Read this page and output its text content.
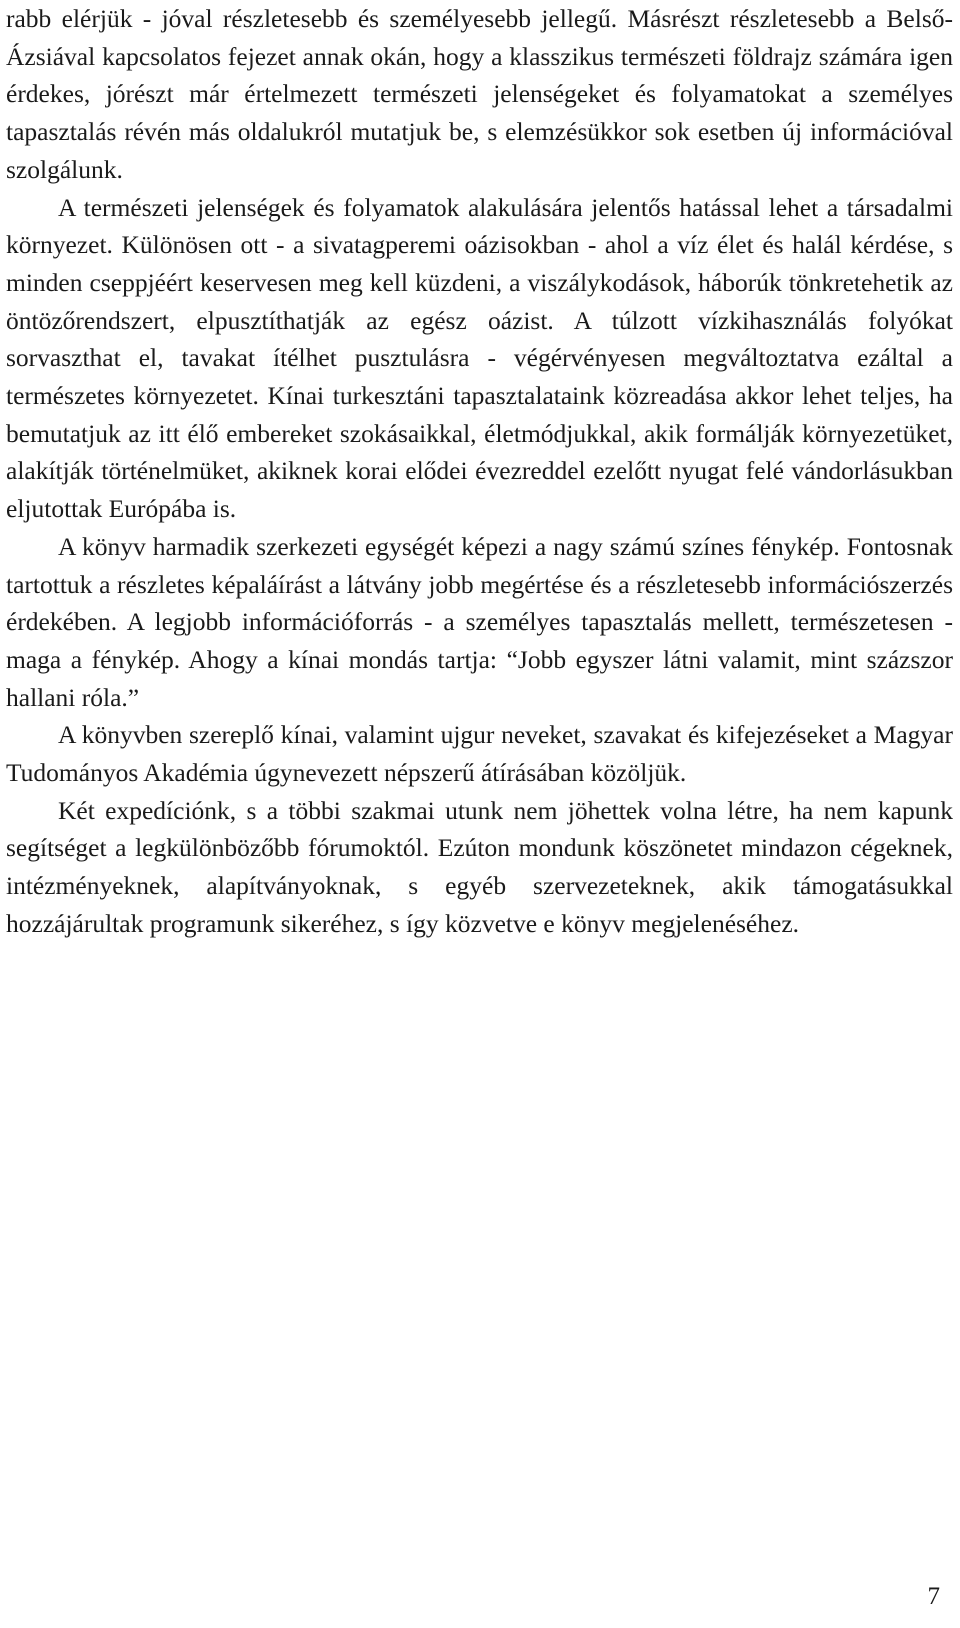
rabb elérjük - jóval részletesebb és személyesebb jellegű. Másrészt részletesebb a Belső-Ázsiával kapcsolatos fejezet annak okán, hogy a klasszikus természeti földrajz számára igen érdekes, jórészt már értelmezett természeti jelenségeket és folyamatokat a személyes tapasztalás révén más oldalukról mutatjuk be, s elemzésükkor sok esetben új információval szolgálunk.

A természeti jelenségek és folyamatok alakulására jelentős hatással lehet a társadalmi környezet. Különösen ott - a sivatagperemi oázisokban - ahol a víz élet és halál kérdése, s minden cseppjéért keservesen meg kell küzdeni, a viszálykodások, háborúk tönkretehetik az öntözőrendszert, elpusztíthatják az egész oázist. A túlzott vízkihasználás folyókat sorvaszthat el, tavakat ítélhet pusztulásra - végérvényesen megváltoztatva ezáltal a természetes környezetet. Kínai turkesztáni tapasztalataink közreadása akkor lehet teljes, ha bemutatjuk az itt élő embereket szokásaikkal, életmódjukkal, akik formálják környezetüket, alakítják történelmüket, akiknek korai elődei évezreddel ezelőtt nyugat felé vándorlásukban eljutottak Európába is.

A könyv harmadik szerkezeti egységét képezi a nagy számú színes fénykép. Fontosnak tartottuk a részletes képaláírást a látvány jobb megértése és a részletesebb információszerzés érdekében. A legjobb információforrás - a személyes tapasztalás mellett, természetesen - maga a fénykép. Ahogy a kínai mondás tartja: “Jobb egyszer látni valamit, mint százszor hallani róla.”

A könyvben szereplő kínai, valamint ujgur neveket, szavakat és kifejezéseket a Magyar Tudományos Akadémia úgynevezett népszerű átírásában közöljük.

Két expedíciónk, s a többi szakmai utunk nem jöhettek volna létre, ha nem kapunk segítséget a legkülönbözőbb fórumoktól. Ezúton mondunk köszönetet mindazon cégeknek, intézményeknek, alapítványoknak, s egyéb szervezeteknek, akik támogatásukkal hozzájárultak programunk sikeréhez, s így közvetve e könyv megjelenéséhez.

7
